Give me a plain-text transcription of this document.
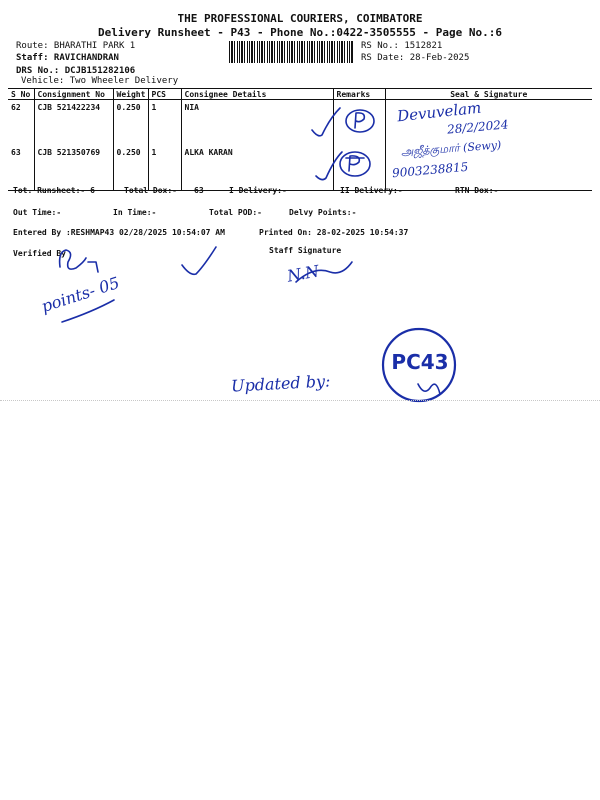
THE PROFESSIONAL COURIERS, COIMBATORE
Delivery Runsheet - P43 - Phone No.:0422-3505555 - Page No.:6
Route: BHARATHI PARK 1
Staff: RAVICHANDRAN
DRS No.: DCJB151282106
Vehicle: Two Wheeler Delivery
RS No.: 1512821
RS Date: 28-Feb-2025
S No	Consignment No	Weight	PCS	Consignee Details	Remarks	Seal & Signature
62	CJB 521422234	0.250	1	NIA		
63	CJB 521350769	0.250	1	ALKA KARAN		
Tot. Runsheet:- 6	Total Dox:- 63	I Delivery:-	II Delivery:-	RTN Dox:-
Out Time:-	In Time:-	Total POD:-	Delvy Points:-
Entered By :RESHMAP43 02/28/2025 10:54:07 AM	Printed On: 28-02-2025 10:54:37
Verified By	Staff Signature
Devuvelam
28/2/2024
அஜீத்குமார் (Sewy)
9003238815
points- 05	N.N
Updated by:
PC43
